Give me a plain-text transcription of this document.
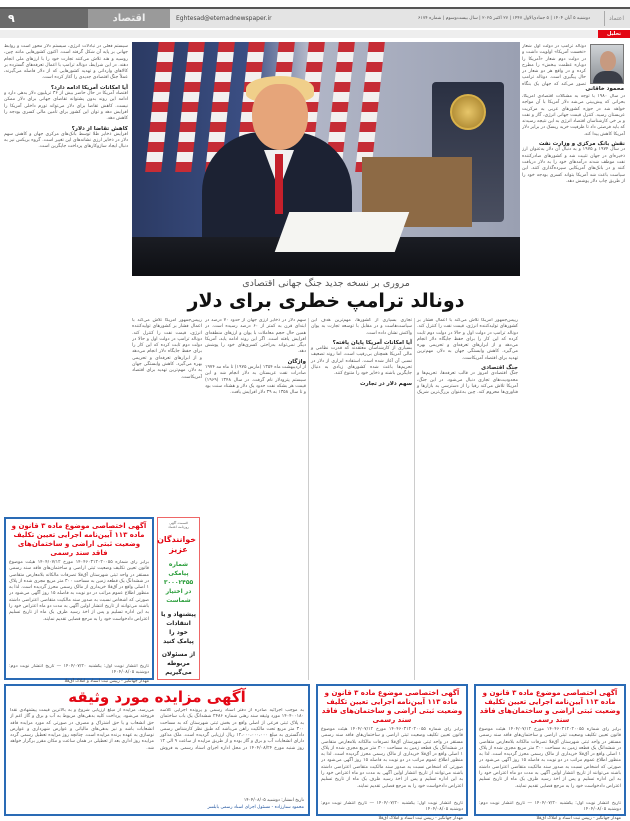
۹	اقتصاد	Eghtesad@etemadnewspaper.ir	دوشنبه ۵ آبان ۱۴۰۴ | ۵ جمادی‌الاول ۱۴۴۷ | ۲۷ اکتبر ۲۰۲۵ | سال بیست‌وسوم | شماره ۶۱۷۴	اعتماد
تحلیل
محمود خاقانی

دونالد ترامپ در دولت اول شعار «نخست آمریکا» اولویت داشت و در دولت دوم شعار «آمریکا را دوباره عظمت ببخش» را مطرح کرده و در واقع هر دو شعار در حال پیگیری است. دونالد ترامپ تصور می‌کند که جهان یک بنگاه

در سال ۱۹۸۰ با توجه به مشکلات اقتصادی آمریکا، بحرانی که پیش‌بینی می‌شد دلار آمریکا با آن مواجه خواهد شد در حوزه کشورهای عربی به مرکزیت عربستان رسید. کنترل قیمت جهانی انرژی، گاز و نفت و بر خی کارشناسان اقتصاد انرژی به این نتیجه رسیدند که باید فرصتی داد تا ظرفیت خرید ریسک در برابر دلار آمریکا کاهش پیدا کند.

نقش بانک مرکزی و وزارت نفت

در سال ۱۹۷۴ و ۱۹۷۵ و به دنبال آن دلار به‌عنوان ارز ذخیره‌ای در جهان تثبیت شد و کشورهای صادرکننده نفت موظف شدند درآمدهای خود را به دلار دریافت کنند و در بانک‌های آمریکایی سپرده‌گذاری کنند. این سیاست باعث شد آمریکا بتواند کسری بودجه خود را از طریق چاپ دلار پوشش دهد.

سیستم فعلی در تبادلات انرژی، سیستم دلار محور است و روابط جهانی بر پایه آن شکل گرفته است. اکنون کشورهایی مانند چین، روسیه و هند تلاش می‌کنند تجارت خود را با ارزهای ملی انجام دهند. در این شرایط، دونالد ترامپ با اعمال تعرفه‌های گسترده بر کالاهای وارداتی و تهدید کشورهایی که از دلار فاصله می‌گیرند، عملاً جنگ اقتصادی جدیدی را آغاز کرده است.

آیا امکانات آمریکا ادامه دارد؟

اقتصاد آمریکا در حال حاضر بیش از ۳۶ تریلیون دلار بدهی دارد و ادامه این روند بدون پشتوانه تقاضای جهانی برای دلار ممکن نیست. کاهش تقاضا برای دلار می‌تواند تورم داخلی آمریکا را افزایش دهد و توان این کشور برای تأمین مالی کسری بودجه را کاهش دهد.

کاهش تقاضا از دلار؟

افزایش ذخایر طلا توسط بانک‌های مرکزی جهان و کاهش سهم دلار در ذخایر ارزی نشانه‌های این تغییر است. گروه بریکس نیز به دنبال ایجاد سازوکارهای پرداخت جایگزین است.

مروری بر نسخه جدید جنگ جهانی اقتصادی
دونالد ترامپ خطری برای دلار

رییس‌جمهور آمریکا تلاش می‌کند با اعمال فشار بر کشورهای تولیدکننده انرژی، قیمت نفت را کنترل کند. دونالد ترامپ در دولت اول و حالا در دولت دوم ثابت کرده که این کار را برای حفظ جایگاه دلار انجام می‌دهد و از ابزارهای تعرفه‌ای و تحریمی بهره می‌گیرد. کاهش وابستگی جهان به دلار، مهم‌ترین تهدید برای اقتصاد آمریکاست.

جنگ اقتصادی

جنگ اقتصادی امروز در قالب تعرفه‌ها، تحریم‌ها و محدودیت‌های تجاری دنبال می‌شود. در این جنگ، آمریکا تلاش می‌کند رقبا را از دسترسی به بازارها و فناوری‌ها محروم کند. چین به‌عنوان بزرگ‌ترین شریک تجاری بسیاری از کشورها، مهم‌ترین هدف این سیاست‌هاست و در مقابل با توسعه تجارت به یوان واکنش نشان داده است.

آیا امکانات آمریکا پایان یافته؟

بسیاری از کارشناسان معتقدند که قدرت نظامی و مالی آمریکا همچنان بی‌رقیب است، اما روند تضعیف نسبی آن آغاز شده است. استفاده ابزاری از دلار در تحریم‌ها باعث شده کشورهای زیادی به دنبال جایگزین باشند و ذخایر خود را متنوع کنند.

سهم دلار در تجارت

سهم دلار در ذخایر ارزی جهان از حدود ۷۰ درصد در ابتدای قرن به کمتر از ۶۰ درصد رسیده است. در همین حال حجم معاملات با یوان و ارزهای منطقه‌ای افزایش یافته است. اگر این روند ادامه یابد، آمریکا دیگر نمی‌تواند به‌راحتی کسری‌های خود را پوشش دهد.

واژگان

از اردیبهشت ماه ۱۳۵۴ (مارس ۱۹۷۵) تا ماه مه ۱۹۷۴ صادرات نفت عربستان به دلار انجام شد و این سیستم پترودلار نام گرفت. در سال ۱۳۴۸ (۱۹۶۹) قیمت هر بشکه نفت حدود یک دلار و هشتاد سنت بود و تا سال ۱۳۵۸ به ۳۹ دلار افزایش یافت.

رییس‌جمهور آمریکا تلاش می‌کند با اعمال فشار بر کشورهای تولیدکننده انرژی، قیمت نفت را کنترل کند. دونالد ترامپ در دولت اول و حالا در دولت دوم ثابت کرده که این کار را برای حفظ جایگاه دلار انجام می‌دهد و از ابزارهای تعرفه‌ای و تحریمی بهره می‌گیرد. کاهش وابستگی جهان به دلار، مهم‌ترین تهدید برای اقتصاد آمریکاست.

آگهی اختصاصی موضوع ماده ۳ قانون و ماده ۱۱۳ آیین‌نامه اجرایی تعیین تکلیف وضعیت ثبتی اراضی و ساختمان‌های فاقد سند رسمی
برابر رأی شماره ۱۴۰۴۶۰۳۱۲۰۲۰۰۵۵ مورخ ۱۴۰۴/۰۷/۱۲ هیئت موضوع قانون تعیین تکلیف وضعیت ثبتی اراضی و ساختمان‌های فاقد سند رسمی مستقر در واحد ثبتی شهرستان آق‌قلا تصرفات مالکانه بلامعارض متقاضی در ششدانگ یک قطعه زمین به مساحت ۳۰۰ متر مربع مجزی شده از پلاک ۱ اصلی واقع در آق‌قلا خریداری از مالک رسمی محرز گردیده است. لذا به منظور اطلاع عموم مراتب در دو نوبت به فاصله ۱۵ روز آگهی می‌شود در صورتی که اشخاص نسبت به صدور سند مالکیت متقاضی اعتراضی داشته باشند می‌توانند از تاریخ انتشار اولین آگهی به مدت دو ماه اعتراض خود را به این اداره تسلیم و پس از اخذ رسید ظرف یک ماه از تاریخ تسلیم اعتراض دادخواست خود را به مرجع قضایی تقدیم نمایند.
تاریخ انتشار نوبت اول: یکشنبه ۱۴۰۴/۰۷/۲۰ — تاریخ انتشار نوبت دوم: دوشنبه ۱۴۰۴/۰۸/۰۵
مهدار جهانگیر - رییس ثبت اسناد و املاک آق‌قلا
قسمت آگهی
روزنامه اعتماد
خوانندگان عزیز
شماره پیامکی ۳۰۰۰۲۴۵۵ در اختیار شماست
پیشنهاد و یا انتقادات خود را پیامک کنید
از مسئولان مربوطه می‌گیریم
آگهی مزایده مورد وثیقه
به موجب اجرائیه صادره از دفتر اسناد رسمی و پرونده اجرایی کلاسه ۱۴۰۴۰۰۱۸۰ مورد وثیقه سند رهنی شماره ۲۴۸۶ ششدانگ یک باب ساختمان به پلاک ثبتی فرعی از اصلی واقع در بخش ثبتی شهرستان که به مساحت ۳۰۰ متر مربع تحت مالکیت راهن می‌باشد که طبق نظر کارشناس رسمی دادگستری به مبلغ ۱۲،۰۰۰،۰۰۰،۰۰۰ ریال ارزیابی گردیده است. ملک مذکور دارای انشعابات آب و برق و گاز بوده و از طریق مزایده از ساعت ۹ الی ۱۲ روز شنبه مورخ ۱۴۰۴/۰۸/۲۴ در محل اداره اجرای اسناد رسمی به فروش می‌رسد. مزایده از مبلغ ارزیابی شروع و به بالاترین قیمت پیشنهادی نقداً فروخته می‌شود. پرداخت کلیه بدهی‌های مربوط به آب و برق و گاز اعم از حق انشعاب و یا حق اشتراک و مصرف در صورتی که مورد مزایده فاقد انشعابات باشد و نیز بدهی‌های مالیاتی و عوارض شهرداری و عوارض نوسازی به عهده برنده مزایده است. چنانچه روز مزایده تعطیل رسمی گردد مزایده روز اداری بعد از تعطیلی در همان ساعت و مکان مقرر برگزار خواهد شد.
تاریخ انتشار: دوشنبه ۱۴۰۴/۰۸/۰۵
محمود ستارزاده - مسئول اجرای اسناد رسمی بابلسر
آگهی اختصاصی موضوع ماده ۳ قانون و ماده ۱۱۳ آیین‌نامه اجرایی تعیین تکلیف وضعیت ثبتی اراضی و ساختمان‌های فاقد سند رسمی
برابر رأی شماره ۱۴۰۴۶۰۳۱۲۰۲۰۰۵۵ مورخ ۱۴۰۴/۰۷/۱۲ هیئت موضوع قانون تعیین تکلیف وضعیت ثبتی اراضی و ساختمان‌های فاقد سند رسمی مستقر در واحد ثبتی شهرستان آق‌قلا تصرفات مالکانه بلامعارض متقاضی در ششدانگ یک قطعه زمین به مساحت ۳۰۰ متر مربع مجزی شده از پلاک ۱ اصلی واقع در آق‌قلا خریداری از مالک رسمی محرز گردیده است. لذا به منظور اطلاع عموم مراتب در دو نوبت به فاصله ۱۵ روز آگهی می‌شود در صورتی که اشخاص نسبت به صدور سند مالکیت متقاضی اعتراضی داشته باشند می‌توانند از تاریخ انتشار اولین آگهی به مدت دو ماه اعتراض خود را به این اداره تسلیم و پس از اخذ رسید ظرف یک ماه از تاریخ تسلیم اعتراض دادخواست خود را به مرجع قضایی تقدیم نمایند.
تاریخ انتشار نوبت اول: یکشنبه ۱۴۰۴/۰۷/۲۰ — تاریخ انتشار نوبت دوم: دوشنبه ۱۴۰۴/۰۸/۰۵
مهدار جهانگیر - رییس ثبت اسناد و املاک آق‌قلا
آگهی اختصاصی موضوع ماده ۳ قانون و ماده ۱۱۳ آیین‌نامه اجرایی تعیین تکلیف وضعیت ثبتی اراضی و ساختمان‌های فاقد سند رسمی
برابر رأی شماره ۱۴۰۴۶۰۳۱۲۰۲۰۰۵۵ مورخ ۱۴۰۴/۰۷/۱۲ هیئت موضوع قانون تعیین تکلیف وضعیت ثبتی اراضی و ساختمان‌های فاقد سند رسمی مستقر در واحد ثبتی شهرستان آق‌قلا تصرفات مالکانه بلامعارض متقاضی در ششدانگ یک قطعه زمین به مساحت ۳۰۰ متر مربع مجزی شده از پلاک ۱ اصلی واقع در آق‌قلا خریداری از مالک رسمی محرز گردیده است. لذا به منظور اطلاع عموم مراتب در دو نوبت به فاصله ۱۵ روز آگهی می‌شود در صورتی که اشخاص نسبت به صدور سند مالکیت متقاضی اعتراضی داشته باشند می‌توانند از تاریخ انتشار اولین آگهی به مدت دو ماه اعتراض خود را به این اداره تسلیم و پس از اخذ رسید ظرف یک ماه از تاریخ تسلیم اعتراض دادخواست خود را به مرجع قضایی تقدیم نمایند.
تاریخ انتشار نوبت اول: یکشنبه ۱۴۰۴/۰۷/۲۰ — تاریخ انتشار نوبت دوم: دوشنبه ۱۴۰۴/۰۸/۰۵
مهدار جهانگیر - رییس ثبت اسناد و املاک آق‌قلا
